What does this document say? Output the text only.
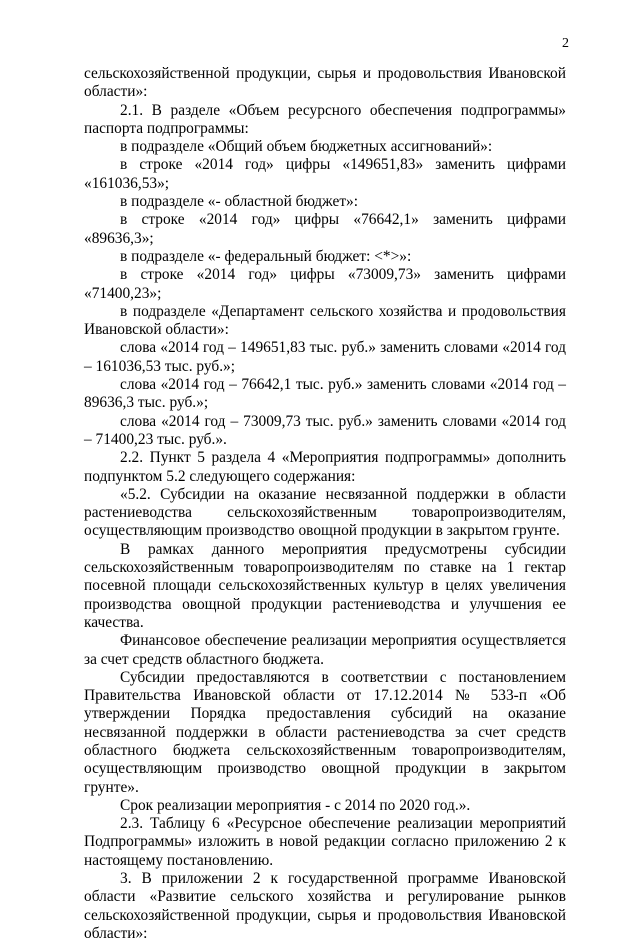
2

сельскохозяйственной продукции, сырья и продовольствия Ивановской области»:

2.1. В разделе «Объем ресурсного обеспечения подпрограммы» паспорта подпрограммы:

в подразделе «Общий объем бюджетных ассигнований»:

в строке «2014 год» цифры «149651,83» заменить цифрами «161036,53»;

в подразделе «- областной бюджет»:

в строке «2014 год» цифры «76642,1» заменить цифрами «89636,3»;

в подразделе «- федеральный бюджет: <*>»:

в строке «2014 год» цифры «73009,73» заменить цифрами «71400,23»;

в подразделе «Департамент сельского хозяйства и продовольствия Ивановской области»:

слова «2014 год – 149651,83 тыс. руб.» заменить словами «2014 год – 161036,53 тыс. руб.»;

слова «2014 год – 76642,1 тыс. руб.» заменить словами «2014 год – 89636,3 тыс. руб.»;

слова «2014 год – 73009,73 тыс. руб.» заменить словами «2014 год – 71400,23 тыс. руб.».

2.2. Пункт 5 раздела 4 «Мероприятия подпрограммы» дополнить подпунктом 5.2 следующего содержания:

«5.2. Субсидии на оказание несвязанной поддержки в области растениеводства сельскохозяйственным товаропроизводителям, осуществляющим производство овощной продукции в закрытом грунте.

В рамках данного мероприятия предусмотрены субсидии сельскохозяйственным товаропроизводителям по ставке на 1 гектар посевной площади сельскохозяйственных культур в целях увеличения производства овощной продукции растениеводства и улучшения ее качества.

Финансовое обеспечение реализации мероприятия осуществляется за счет средств областного бюджета.

Субсидии предоставляются в соответствии с постановлением Правительства Ивановской области от 17.12.2014 № 533-п «Об утверждении Порядка предоставления субсидий на оказание несвязанной поддержки в области растениеводства за счет средств областного бюджета сельскохозяйственным товаропроизводителям, осуществляющим производство овощной продукции в закрытом грунте».

Срок реализации мероприятия - с 2014 по 2020 год.».

2.3. Таблицу 6 «Ресурсное обеспечение реализации мероприятий Подпрограммы» изложить в новой редакции согласно приложению 2 к настоящему постановлению.

3. В приложении 2 к государственной программе Ивановской области «Развитие сельского хозяйства и регулирование рынков сельскохозяйственной продукции, сырья и продовольствия Ивановской области»:
